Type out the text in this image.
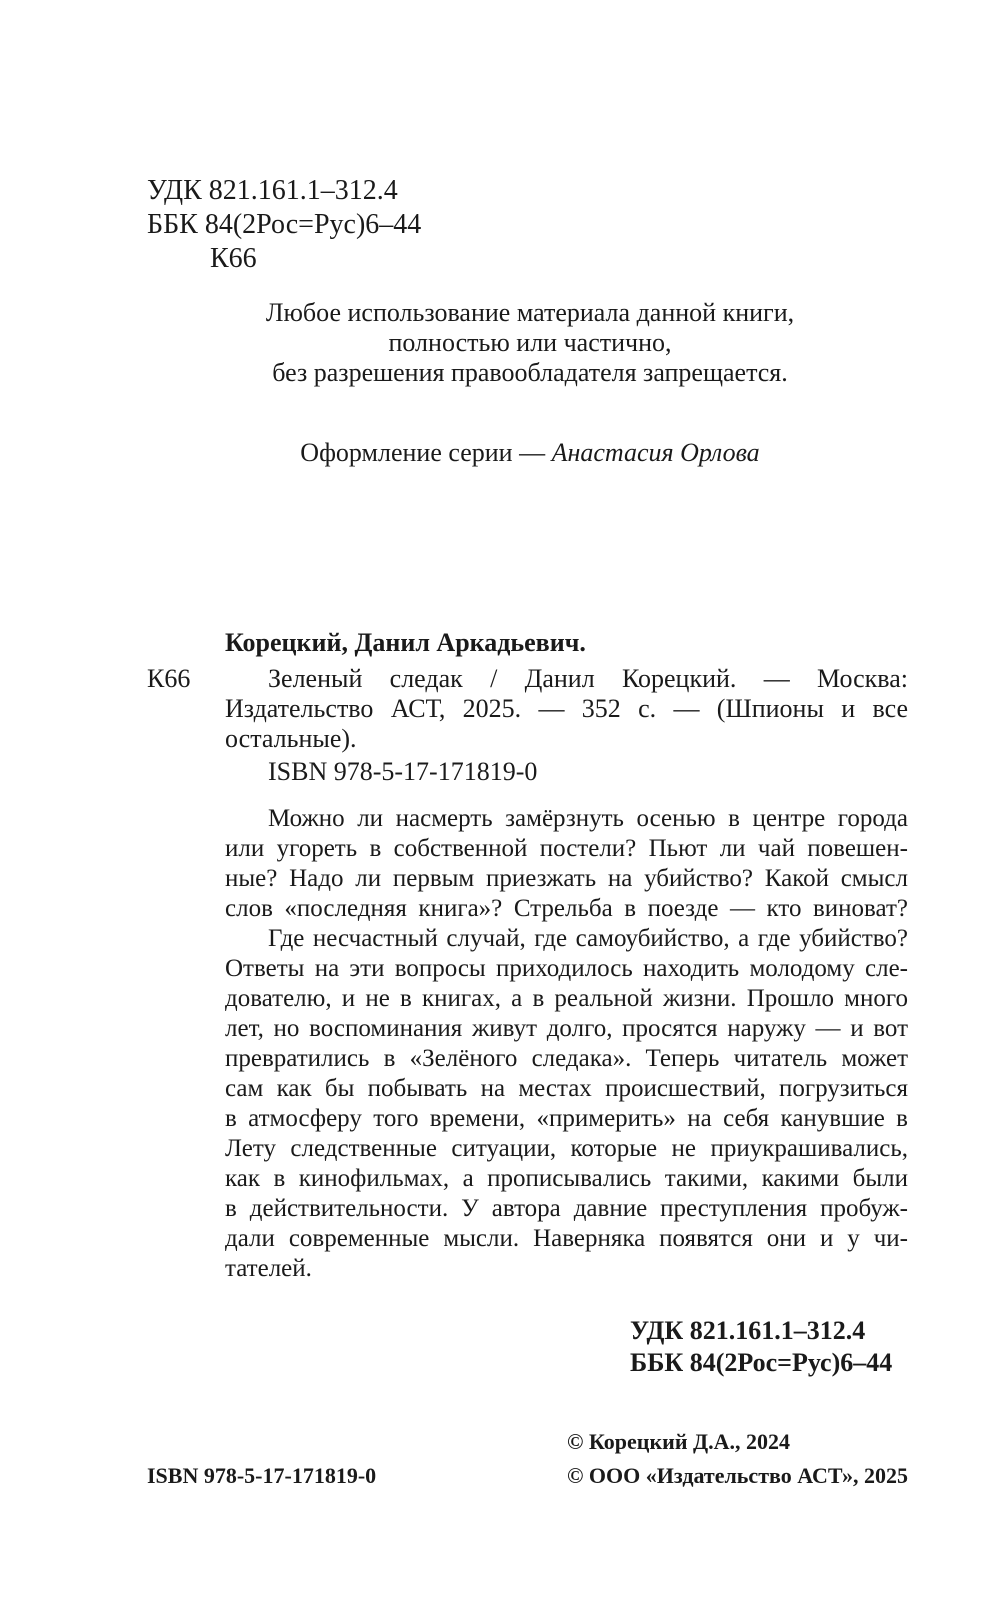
УДК 821.161.1–312.4
ББК 84(2Рос=Рус)6–44
К66
Любое использование материала данной книги,
полностью или частично,
без разрешения правообладателя запрещается.
Оформление серии — Анастасия Орлова
Корецкий, Данил Аркадьевич.
К66	Зеленый следак / Данил Корецкий. — Москва:
Издательство АСТ, 2025. — 352 с. — (Шпионы и все
остальные).
ISBN 978-5-17-171819-0
Можно ли насмерть замёрзнуть осенью в центре города
или угореть в собственной постели? Пьют ли чай повешен-
ные? Надо ли первым приезжать на убийство? Какой смысл
слов «последняя книга»? Стрельба в поезде — кто виноват?
Где несчастный случай, где самоубийство, а где убийство?
Ответы на эти вопросы приходилось находить молодому сле-
дователю, и не в книгах, а в реальной жизни. Прошло много
лет, но воспоминания живут долго, просятся наружу — и вот
превратились в «Зелёного следака». Теперь читатель может
сам как бы побывать на местах происшествий, погрузиться
в атмосферу того времени, «примерить» на себя канувшие в
Лету следственные ситуации, которые не приукрашивались,
как в кинофильмах, а прописывались такими, какими были
в действительности. У автора давние преступления пробуж-
дали современные мысли. Наверняка появятся они и у чи-
тателей.
УДК 821.161.1–312.4
ББК 84(2Рос=Рус)6–44
© Корецкий Д.А., 2024
ISBN 978-5-17-171819-0	© ООО «Издательство АСТ», 2025
